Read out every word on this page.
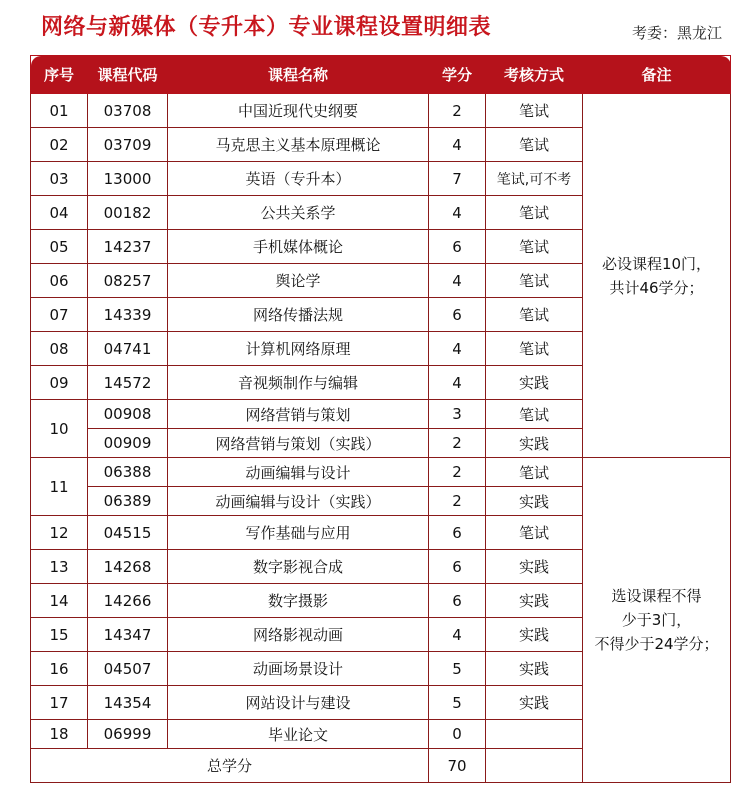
网络与新媒体（专升本）专业课程设置明细表	考委：黑龙江
序号	课程代码	课程名称	学分	考核方式	备注	
01	03708	中国近现代史纲要	2	笔试	必设课程10门，
共计46学分；	
02	03709	马克思主义基本原理概论	4	笔试		
03	13000	英语（专升本）	7	笔试,可不考		
04	00182	公共关系学	4	笔试		
05	14237	手机媒体概论	6	笔试		
06	08257	舆论学	4	笔试		
07	14339	网络传播法规	6	笔试		
08	04741	计算机网络原理	4	笔试		
09	14572	音视频制作与编辑	4	实践		
10	00908	网络营销与策划	3	笔试		
	00909	网络营销与策划（实践）	2	实践		
11	06388	动画编辑与设计	2	笔试	选设课程不得
少于3门，
不得少于24学分；	
	06389	动画编辑与设计（实践）	2	实践		
12	04515	写作基础与应用	6	笔试		
13	14268	数字影视合成	6	实践		
14	14266	数字摄影	6	实践		
15	14347	网络影视动画	4	实践		
16	04507	动画场景设计	5	实践		
17	14354	网站设计与建设	5	实践		
18	06999	毕业论文	0			
总学分			70			
